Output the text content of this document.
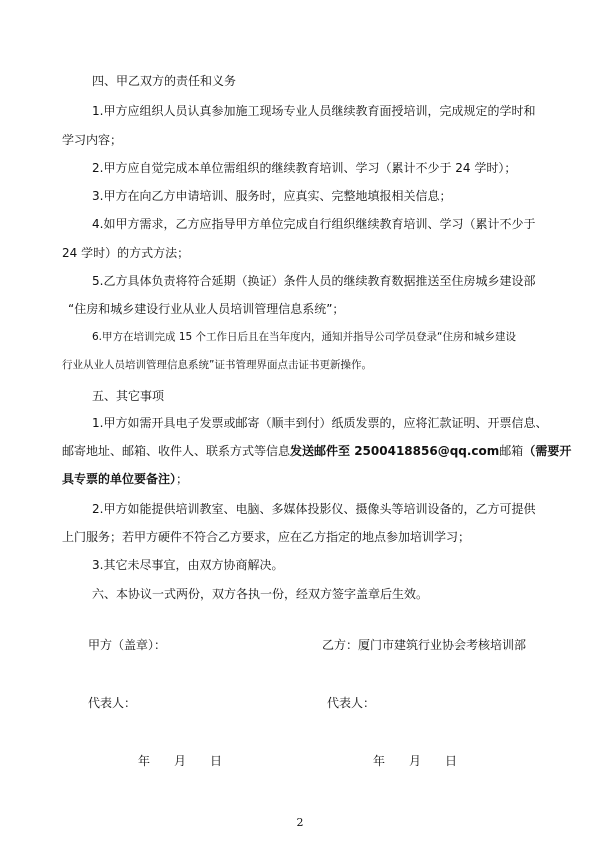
四、甲乙双方的责任和义务
1.甲方应组织人员认真参加施工现场专业人员继续教育面授培训，完成规定的学时和
学习内容；
2.甲方应自觉完成本单位需组织的继续教育培训、学习（累计不少于 24 学时）；
3.甲方在向乙方申请培训、服务时，应真实、完整地填报相关信息；
4.如甲方需求，乙方应指导甲方单位完成自行组织继续教育培训、学习（累计不少于
24 学时）的方式方法；
5.乙方具体负责将符合延期（换证）条件人员的继续教育数据推送至住房城乡建设部
“住房和城乡建设行业从业人员培训管理信息系统”；
6.甲方在培训完成 15 个工作日后且在当年度内，通知并指导公司学员登录“住房和城乡建设
行业从业人员培训管理信息系统”证书管理界面点击证书更新操作。
五、其它事项
1.甲方如需开具电子发票或邮寄（顺丰到付）纸质发票的，应将汇款证明、开票信息、
邮寄地址、邮箱、收件人、联系方式等信息发送邮件至 2500418856@qq.com邮箱（需要开
具专票的单位要备注）；
2.甲方如能提供培训教室、电脑、多媒体投影仪、摄像头等培训设备的，乙方可提供
上门服务；若甲方硬件不符合乙方要求，应在乙方指定的地点参加培训学习；
3.其它未尽事宜，由双方协商解决。
六、本协议一式两份，双方各执一份，经双方签字盖章后生效。
甲方（盖章）：	乙方：厦门市建筑行业协会考核培训部
代表人：	代表人：
年　　月　　日	年　　月　　日
2
